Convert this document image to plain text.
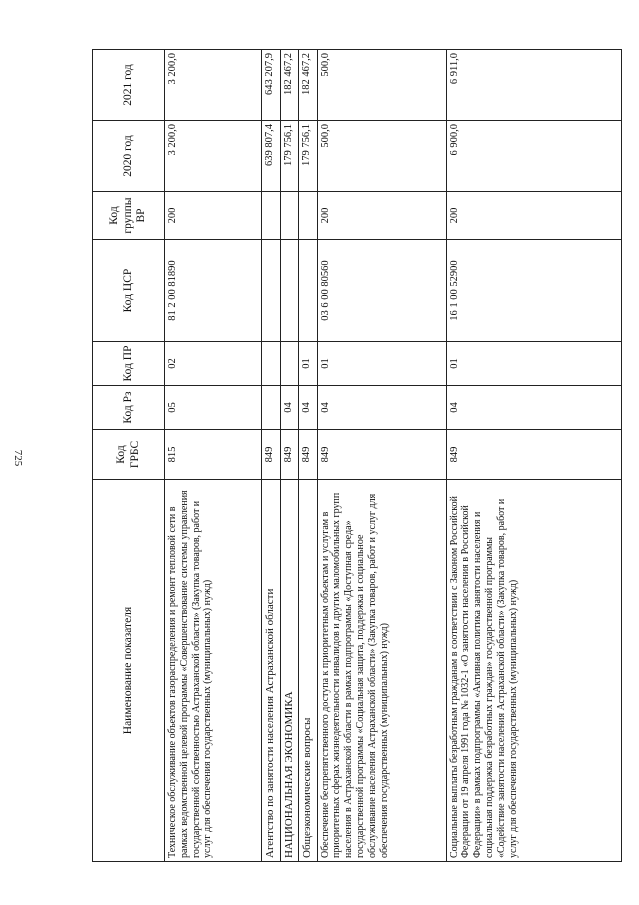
725
Наименование показателя	Код ГРБС	Код Рз	Код ПР	Код ЦСР	Код группы ВР	2020 год	2021 год
Техническое обслуживание объектов газораспределения и ремонт тепловой сети в рамках ведомственной целевой программы «Совершенствование системы управления государственной собственностью Астраханской области» (Закупка товаров, работ и услуг для обеспечения государственных (муниципальных) нужд)	815	05	02	81 2 00 81890	200	3 200,0	3 200,0
Агентство по занятости населения Астраханской области	849					639 807,4	643 207,9
НАЦИОНАЛЬНАЯ ЭКОНОМИКА	849	04				179 756,1	182 467,2
Общеэкономические вопросы	849	04	01			179 756,1	182 467,2
Обеспечение беспрепятственного доступа к приоритетным объектам и услугам в приоритетных сферах жизнедеятельности инвалидов и других маломобильных групп населения в Астраханской области в рамках подпрограммы «Доступная среда» государственной программы «Социальная защита, поддержка и социальное обслуживание населения Астраханской области» (Закупка товаров, работ и услуг для обеспечения государственных (муниципальных) нужд)	849	04	01	03 6 00 80560	200	500,0	500,0
Социальные выплаты безработным гражданам в соответствии с Законом Российской Федерации от 19 апреля 1991 года № 1032-1 «О занятости населения в Российской Федерации» в рамках подпрограммы «Активная политика занятости населения и социальная поддержка безработных граждан» государственной программы «Содействие занятости населения Астраханской области» (Закупка товаров, работ и услуг для обеспечения государственных (муниципальных) нужд)	849	04	01	16 1 00 52900	200	6 900,0	6 911,0
